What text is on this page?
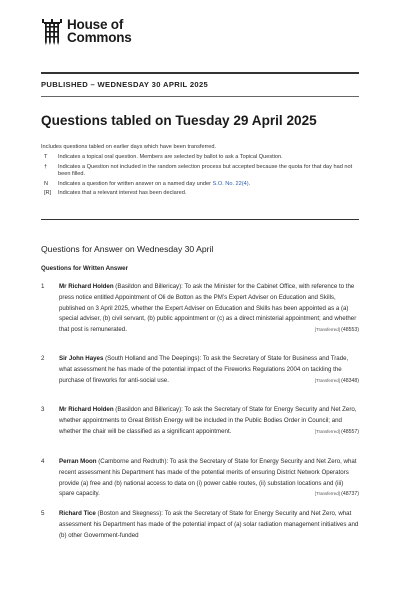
House of
Commons
PUBLISHED – WEDNESDAY 30 APRIL 2025
Questions tabled on Tuesday 29 April 2025
Includes questions tabled on earlier days which have been transferred.
T	Indicates a topical oral question. Members are selected by ballot to ask a Topical Question.
†	Indicates a Question not included in the random selection process but accepted because the quota for that day had not been filled.
N	Indicates a question for written answer on a named day under S.O. No. 22(4).
[R]	Indicates that a relevant interest has been declared.
Questions for Answer on Wednesday 30 April
Questions for Written Answer
1	Mr Richard Holden (Basildon and Billericay): To ask the Minister for the Cabinet Office, with reference to the press notice entitled Appointment of Oli de Botton as the PM’s Expert Adviser on Education and Skills, published on 3 April 2025, whether the Expert Adviser on Education and Skills has been appointed as a (a) special adviser, (b) civil servant, (b) public appointment or (c) as a direct ministerial appointment; and whether that post is remunerated.	[Transferred] (48553)
2	Sir John Hayes (South Holland and The Deepings): To ask the Secretary of State for Business and Trade, what assessment he has made of the potential impact of the Fireworks Regulations 2004 on tackling the purchase of fireworks for anti-social use.	[Transferred] (48348)
3	Mr Richard Holden (Basildon and Billericay): To ask the Secretary of State for Energy Security and Net Zero, whether appointments to Great British Energy will be included in the Public Bodies Order in Council; and whether the chair will be classified as a significant appointment.	[Transferred] (48557)
4	Perran Moon (Camborne and Redruth): To ask the Secretary of State for Energy Security and Net Zero, what recent assessment his Department has made of the potential merits of ensuring District Network Operators provide (a) free and (b) national access to data on (i) power cable routes, (ii) substation locations and (iii) spare capacity.	[Transferred] (48737)
5	Richard Tice (Boston and Skegness): To ask the Secretary of State for Energy Security and Net Zero, what assessment his Department has made of the potential impact of (a) solar radiation management initiatives and (b) other Government-funded
